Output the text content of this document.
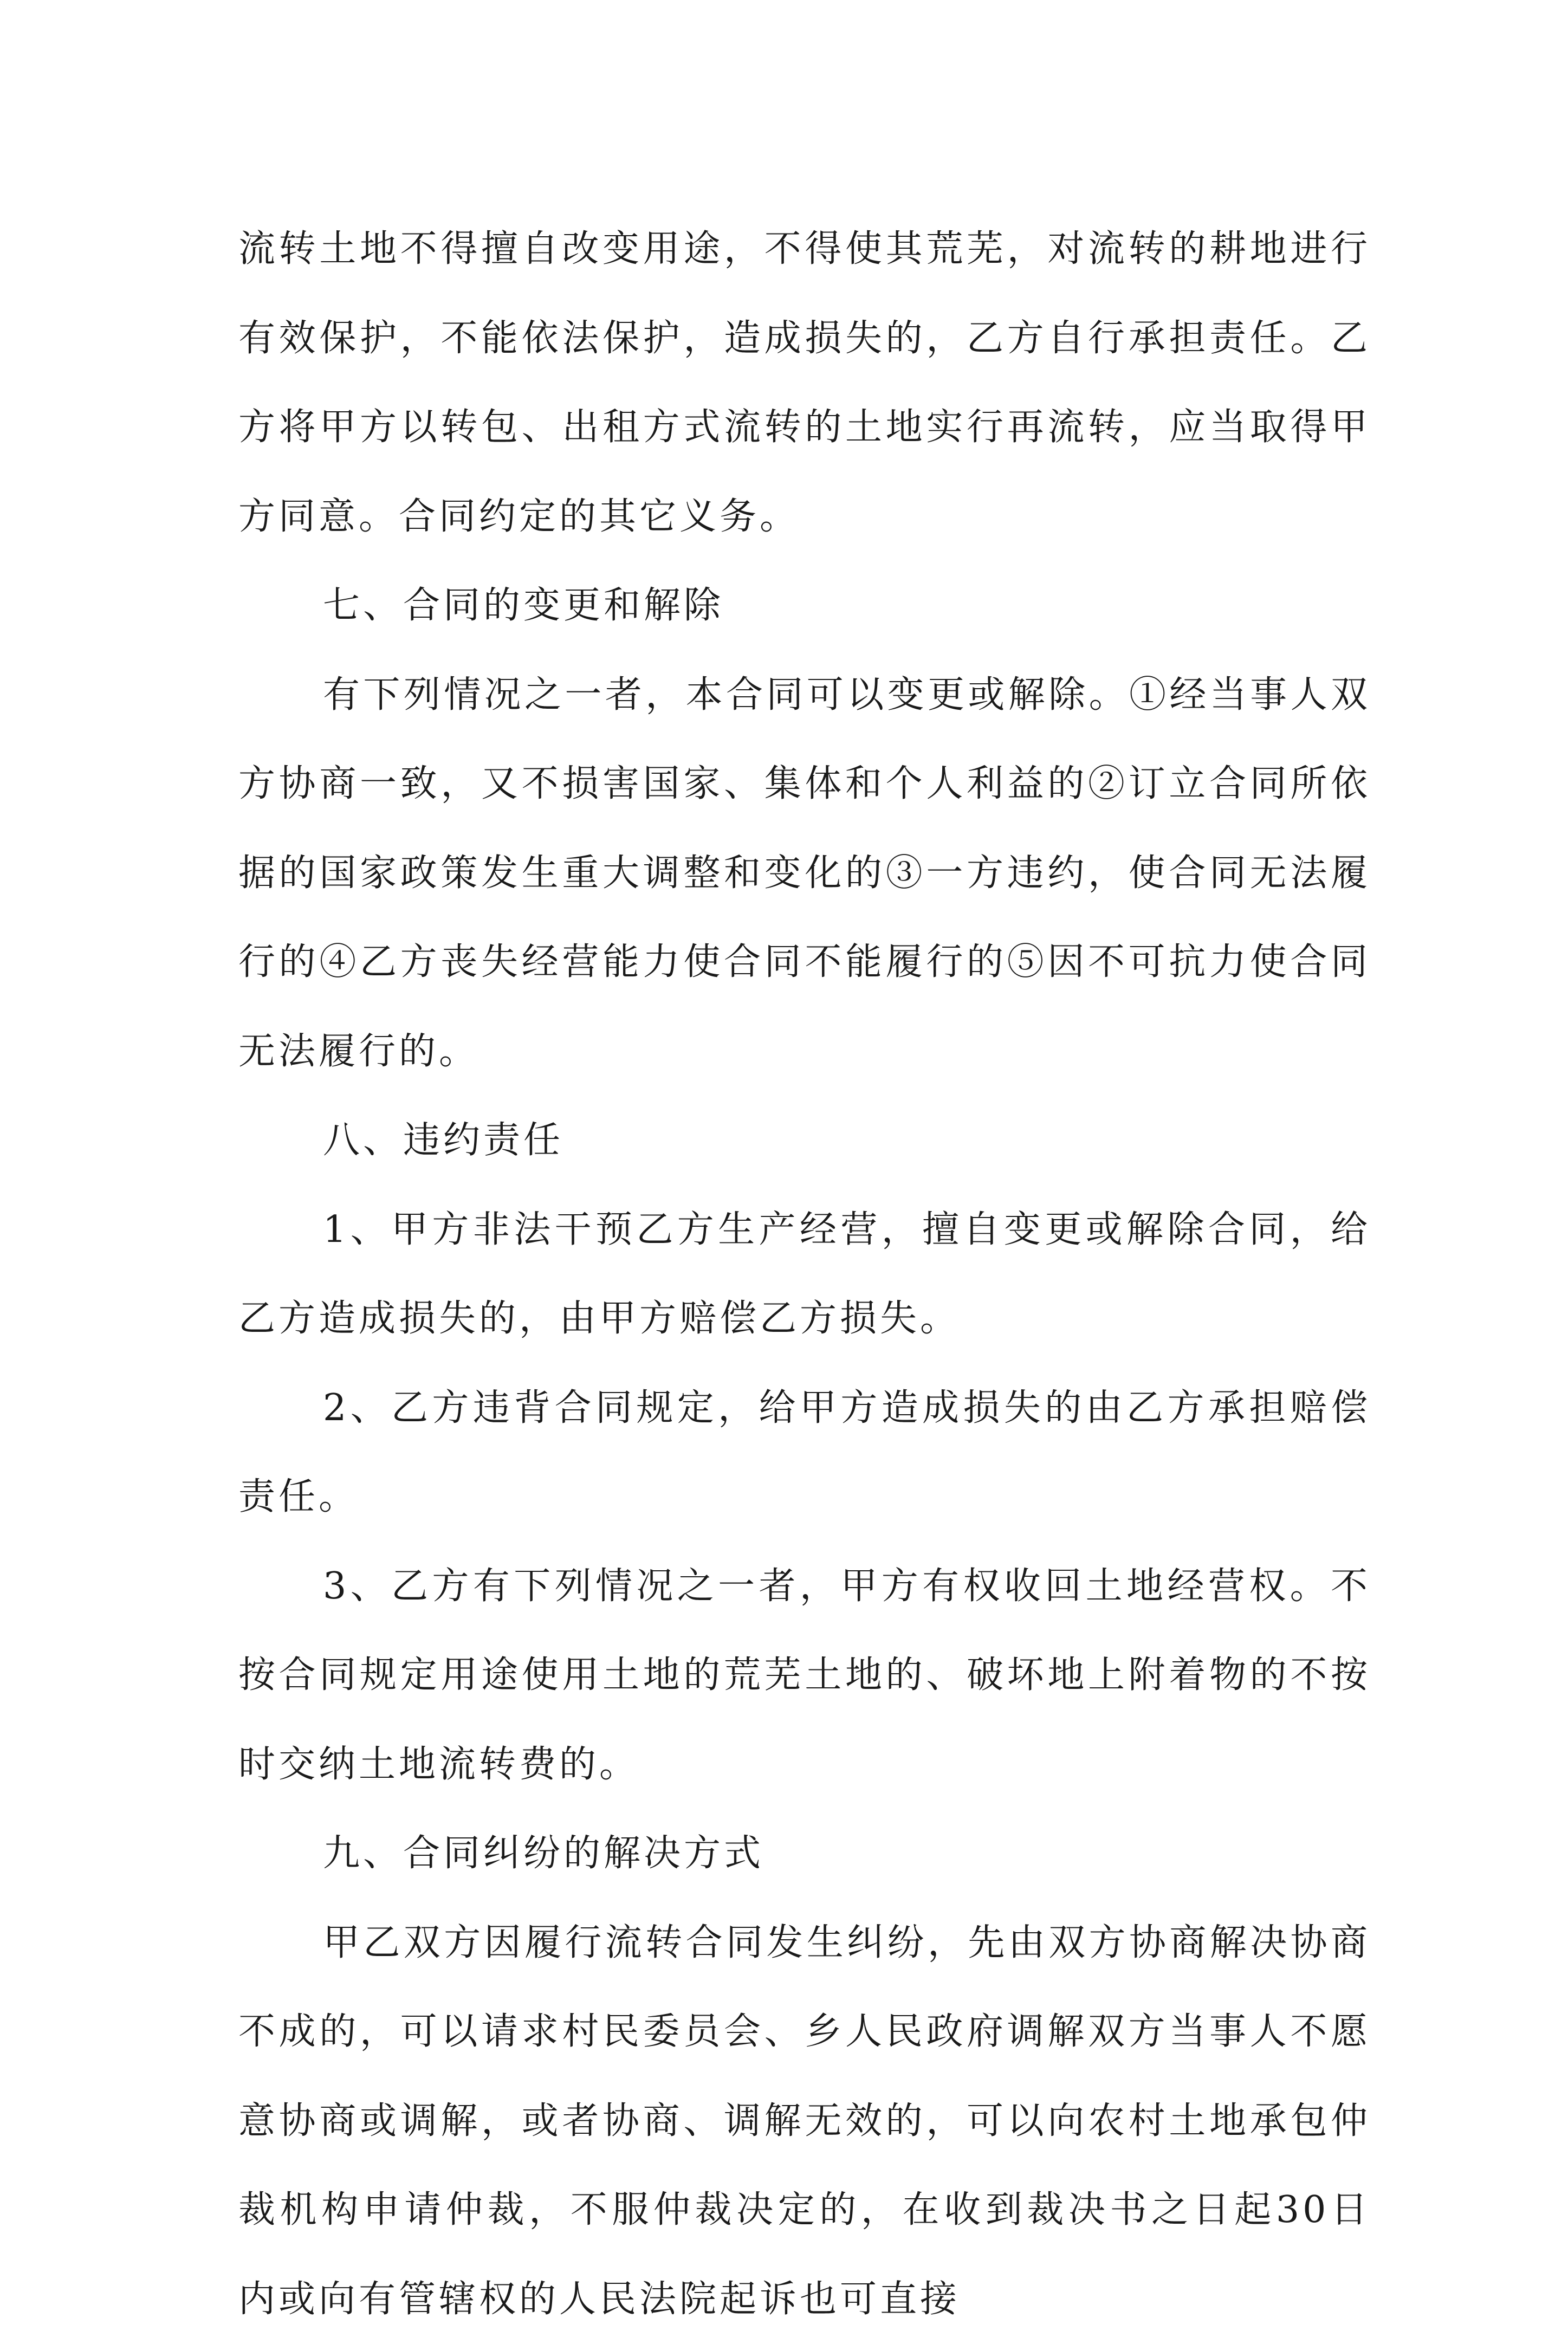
流转土地不得擅自改变用途，不得使其荒芜，对流转的耕地进行有效保护，不能依法保护，造成损失的，乙方自行承担责任。乙方将甲方以转包、出租方式流转的土地实行再流转，应当取得甲方同意。合同约定的其它义务。

七、合同的变更和解除

有下列情况之一者，本合同可以变更或解除。①经当事人双方协商一致，又不损害国家、集体和个人利益的②订立合同所依据的国家政策发生重大调整和变化的③一方违约，使合同无法履行的④乙方丧失经营能力使合同不能履行的⑤因不可抗力使合同无法履行的。

八、违约责任

1、甲方非法干预乙方生产经营，擅自变更或解除合同，给乙方造成损失的，由甲方赔偿乙方损失。

2、乙方违背合同规定，给甲方造成损失的由乙方承担赔偿责任。

3、乙方有下列情况之一者，甲方有权收回土地经营权。不按合同规定用途使用土地的荒芜土地的、破坏地上附着物的不按时交纳土地流转费的。

九、合同纠纷的解决方式

甲乙双方因履行流转合同发生纠纷，先由双方协商解决协商不成的，可以请求村民委员会、乡人民政府调解双方当事人不愿意协商或调解，或者协商、调解无效的，可以向农村土地承包仲裁机构申请仲裁，不服仲裁决定的，在收到裁决书之日起30日内或向有管辖权的人民法院起诉也可直接
